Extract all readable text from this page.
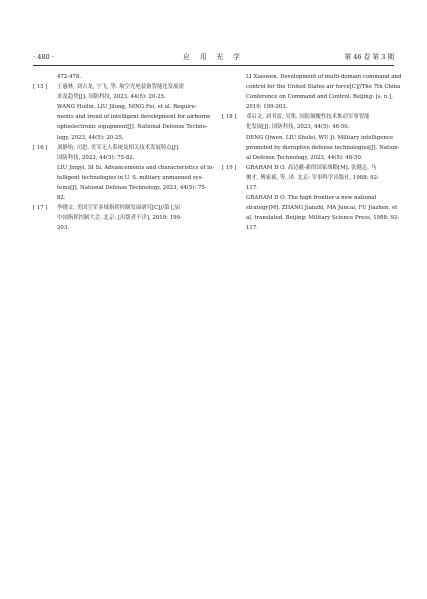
· 480 ·	应 用 光 学	第 46 卷 第 3 期
472-478.
[ 15 ] 王惠林, 刘吉龙, 宁飞, 等. 航空光电装备智能化发展需
求及趋势[J]. 国防科技, 2023, 44(5): 20-25.
WANG Huilin, LIU Jilong, NING Fei, et al. Require-
ments and trend of intelligent development for airborne
optoelectronic equipment[J]. National Defense Techno-
logy, 2023, 44(5): 20-25.
[ 16 ] 刘静怡, 司思. 美军无人系统及相关技术发展特点[J].
国防科技, 2023, 44(5): 75-82.
LIU Jingyi, SI Si. Advancements and characteristics of in-
telligent technologies in U. S. military unmanned sys-
tems[J]. National Defense Technology, 2023, 44(5): 75-
82.
[ 17 ] 李晓文. 美国空军多域指挥控制发展研究[C]//第七届
中国指挥控制大会. 北京: [出版者不详], 2019: 199-
203.
LI Xiaowen. Development of multi-domain command and
control for the United States air force[C]//The 7th China
Conference on Command and Control. Beijing: [s. n.],
2019: 199-203.
[ 18 ] 邓启文, 刘书雷, 吴集. 国防颠覆性技术推动军事智能
化发展[J]. 国防科技, 2023, 44(5): 46-50.
DENG Qiwen, LIU Shulei, WU Ji. Military intelligence
promoted by disruptive defense technologies[J]. Nation-
al Defense Technology, 2023, 44(5): 46-50.
[ 19 ] GRAHAM D O. 高边疆-新的国家战略[M]. 张健志, 马
俊才, 傅家祯, 等, 译. 北京: 军事科学出版社, 1988: 92-
117.
GRAHAM D O. The high frontier-a new national
strategy[M]. ZHANG Jianzhi, MA Juncai, FU Jiazhen, et
al, translated. Beijing: Military Science Press, 1988: 92-
117.
